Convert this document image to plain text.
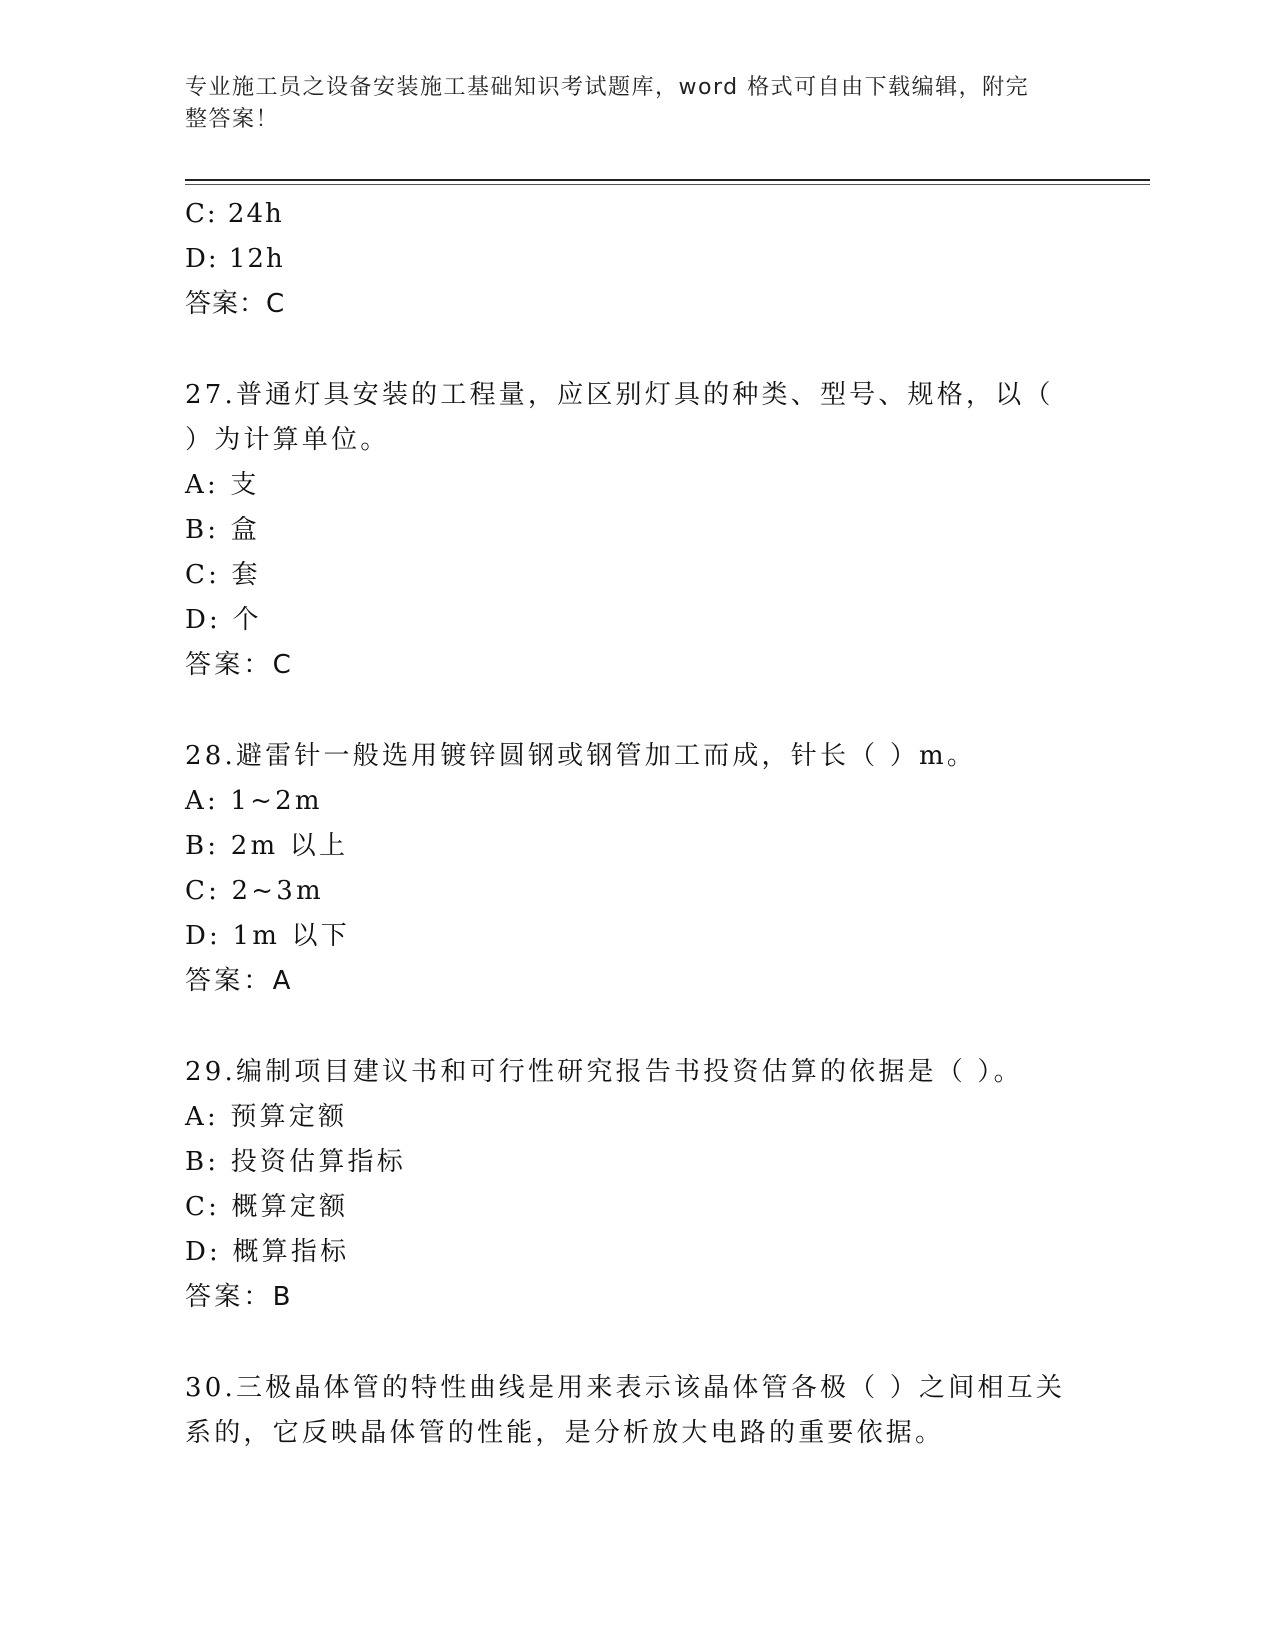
专业施工员之设备安装施工基础知识考试题库，word 格式可自由下载编辑，附完
整答案！
C: 24h
D: 12h
答案：C
27.普通灯具安装的工程量，应区别灯具的种类、型号、规格，以（
）为计算单位。
A: 支
B: 盒
C: 套
D: 个
答案：C
28.避雷针一般选用镀锌圆钢或钢管加工而成，针长（ ）m。
A: 1~2m
B: 2m 以上
C: 2~3m
D: 1m 以下
答案：A
29.编制项目建议书和可行性研究报告书投资估算的依据是（ ）。
A: 预算定额
B: 投资估算指标
C: 概算定额
D: 概算指标
答案：B
30.三极晶体管的特性曲线是用来表示该晶体管各极（ ）之间相互关
系的，它反映晶体管的性能，是分析放大电路的重要依据。
